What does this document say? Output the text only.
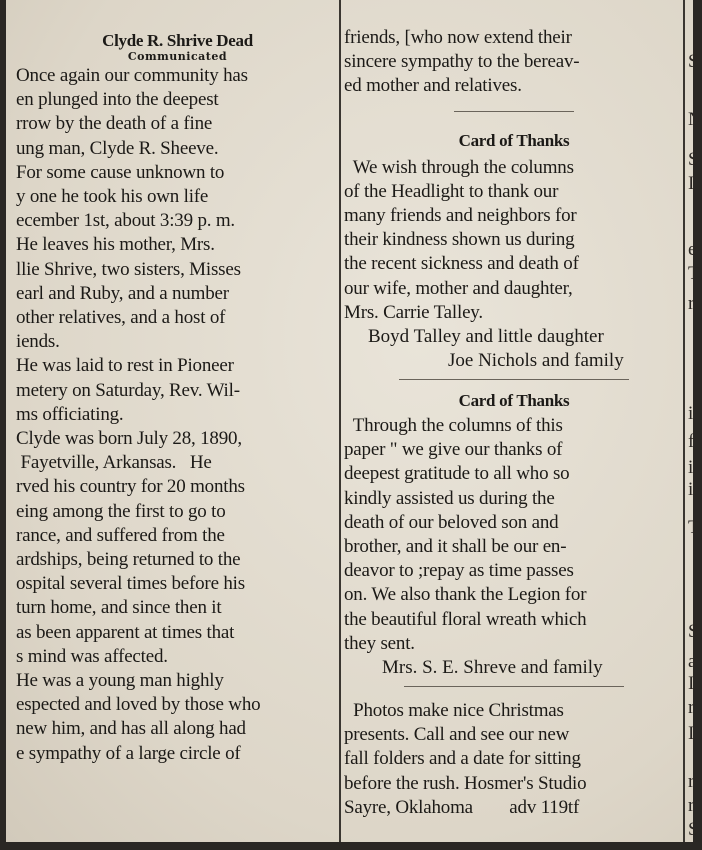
Clyde R. Shrive Dead
Communicated
Once again our community has
en plunged into the deepest
rrow by the death of a fine
ung man, Clyde R. Sheeve.
For some cause unknown to
y one he took his own life
ecember 1st, about 3:39 p. m.
He leaves his mother, Mrs.
llie Shrive, two sisters, Misses
earl and Ruby, and a number
other relatives, and a host of
iends.
He was laid to rest in Pioneer
metery on Saturday, Rev. Wil-
ms officiating.
Clyde was born July 28, 1890,
Fayetville, Arkansas.   He
rved his country for 20 months
eing among the first to go to
rance, and suffered from the
ardships, being returned to the
ospital several times before his
turn home, and since then it
as been apparent at times that
s mind was affected.
He was a young man highly
espected and loved by those who
new him, and has all along had
e sympathy of a large circle of
friends, [who now extend their
sincere sympathy to the bereav-
ed mother and relatives.
Card of Thanks
We wish through the columns
of the Headlight to thank our
many friends and neighbors for
their kindness shown us during
the recent sickness and death of
our wife, mother and daughter,
Mrs. Carrie Talley.
Boyd Talley and little daughter
Joe Nichols and family
Card of Thanks
Through the columns of this
paper " we give our thanks of
deepest gratitude to all who so
kindly assisted us during the
death of our beloved son and
brother, and it shall be our en-
deavor to ;repay as time passes
on. We also thank the Legion for
the beautiful floral wreath which
they sent.
Mrs. S. E. Shreve and family
Photos make nice Christmas
presents. Call and see our new
fall folders and a date for sitting
before the rush. Hosmer's Studio
Sayre, Oklahoma        adv 119tf
S
N
S
I
e
T
r
i
f
i
i
T
S
a
I
r
I
r
r
S
